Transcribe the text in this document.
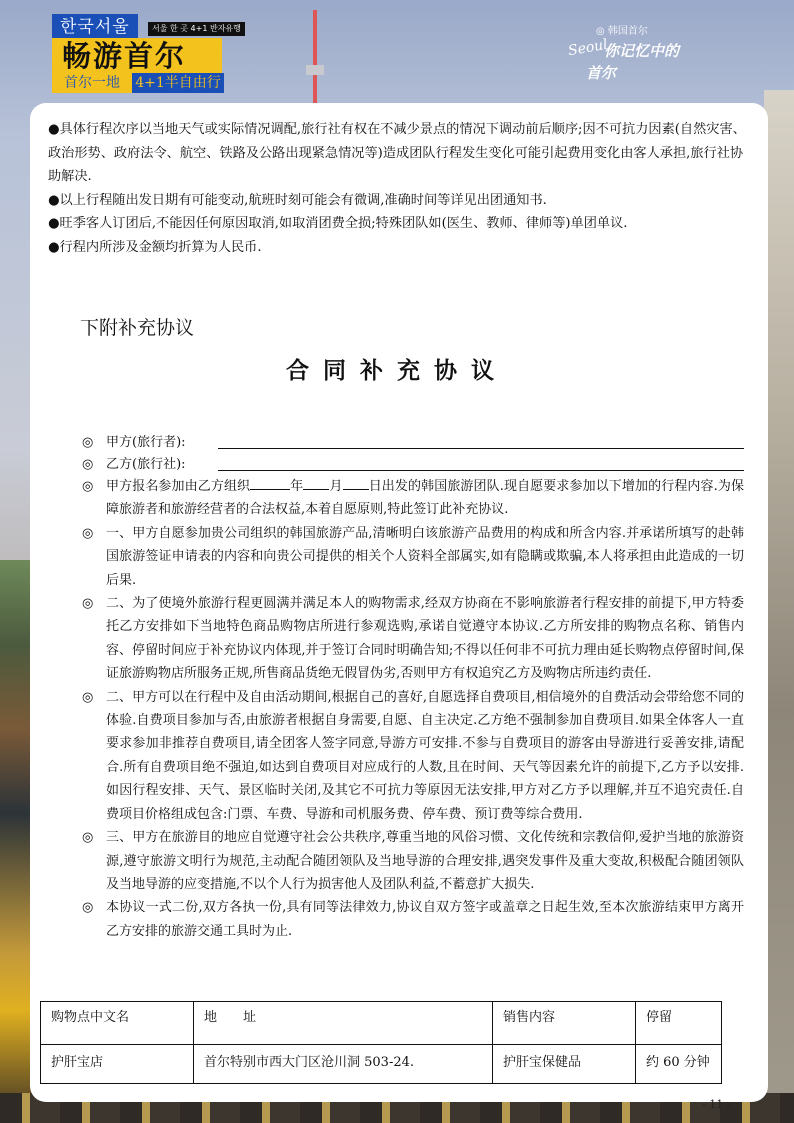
한국서울	서울 한 곳 4+1 반자유행
畅游首尔
首尔一地	4+1半自由行
◎ 韩国首尔
Seoul
你记忆中的
首尔

●具体行程次序以当地天气或实际情况调配,旅行社有权在不减少景点的情况下调动前后顺序;因不可抗力因素(自然灾害、政治形势、政府法令、航空、铁路及公路出现紧急情况等)造成团队行程发生变化可能引起费用变化由客人承担,旅行社协助解决.

●以上行程随出发日期有可能变动,航班时刻可能会有微调,准确时间等详见出团通知书.

●旺季客人订团后,不能因任何原因取消,如取消团费全损;特殊团队如(医生、教师、律师等)单团单议.

●行程内所涉及金额均折算为人民币.

下附补充协议
合同补充协议
◎ 甲方(旅行者):
◎ 乙方(旅行社):
◎ 甲方报名参加由乙方组织	年 月 日出发的韩国旅游团队.现自愿要求参加以下增加的行程内容.为保障旅游者和旅游经营者的合法权益,本着自愿原则,特此签订此补充协议.
◎ 一、甲方自愿参加贵公司组织的韩国旅游产品,清晰明白该旅游产品费用的构成和所含内容.并承诺所填写的赴韩国旅游签证申请表的内容和向贵公司提供的相关个人资料全部属实,如有隐瞒或欺骗,本人将承担由此造成的一切后果.
◎ 二、为了使境外旅游行程更圆满并满足本人的购物需求,经双方协商在不影响旅游者行程安排的前提下,甲方特委托乙方安排如下当地特色商品购物店所进行参观选购,承诺自觉遵守本协议.乙方所安排的购物点名称、销售内容、停留时间应于补充协议内体现,并于签订合同时明确告知;不得以任何非不可抗力理由延长购物点停留时间,保证旅游购物店所服务正规,所售商品货绝无假冒伪劣,否则甲方有权追究乙方及购物店所违约责任.
◎ 二、甲方可以在行程中及自由活动期间,根据自己的喜好,自愿选择自费项目,相信境外的自费活动会带给您不同的体验.自费项目参加与否,由旅游者根据自身需要,自愿、自主决定.乙方绝不强制参加自费项目.如果全体客人一直要求参加非推荐自费项目,请全团客人签字同意,导游方可安排.不参与自费项目的游客由导游进行妥善安排,请配合.所有自费项目绝不强迫,如达到自费项目对应成行的人数,且在时间、天气等因素允许的前提下,乙方予以安排.如因行程安排、天气、景区临时关闭,及其它不可抗力等原因无法安排,甲方对乙方予以理解,并互不追究责任.自费项目价格组成包含:门票、车费、导游和司机服务费、停车费、预订费等综合费用.
◎ 三、甲方在旅游目的地应自觉遵守社会公共秩序,尊重当地的风俗习惯、文化传统和宗教信仰,爱护当地的旅游资源,遵守旅游文明行为规范,主动配合随团领队及当地导游的合理安排,遇突发事件及重大变故,积极配合随团领队及当地导游的应变措施,不以个人行为损害他人及团队利益,不蓄意扩大损失.
◎ 本协议一式二份,双方各执一份,具有同等法律效力,协议自双方签字或盖章之日起生效,至本次旅游结束甲方离开乙方安排的旅游交通工具时为止.
购物点中文名	地　　址	销售内容	停留
护肝宝店	首尔特别市西大门区沧川洞 503-24.	护肝宝保健品	约 60 分钟
- 11 -
